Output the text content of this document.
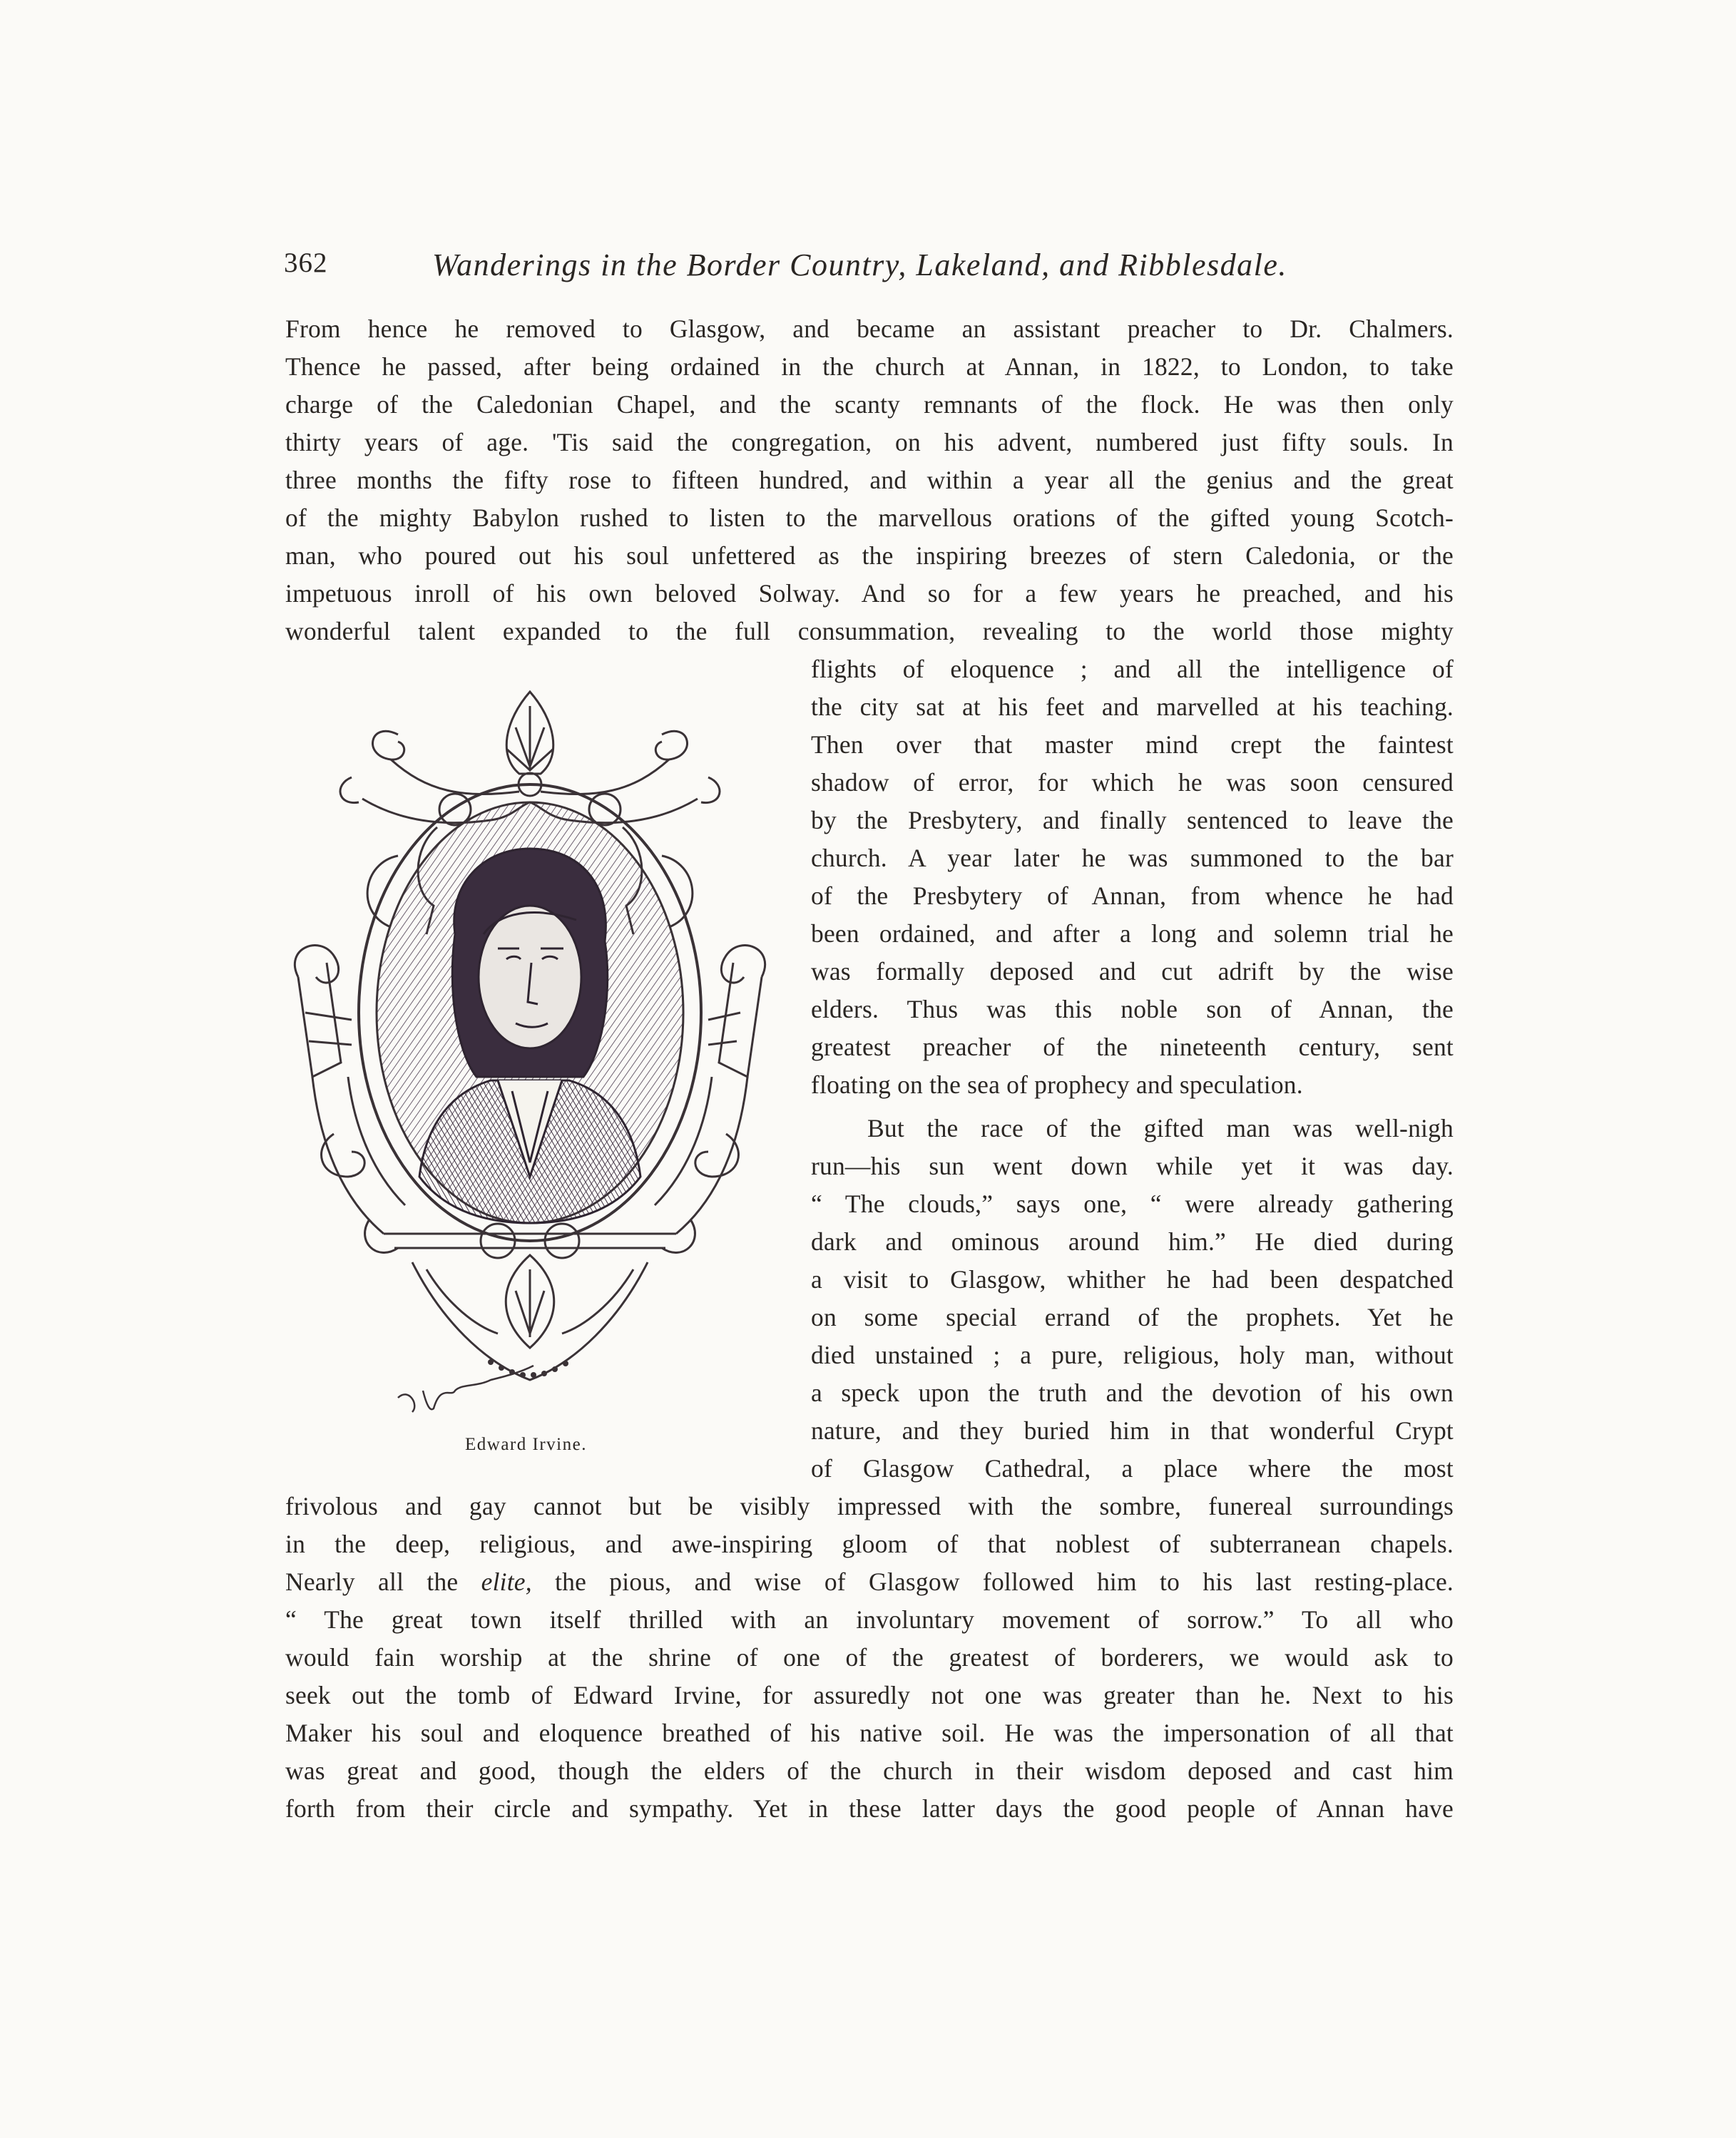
362	Wanderings in the Border Country, Lakeland, and Ribblesdale.
From hence he removed to Glasgow, and became an assistant preacher to Dr. Chalmers.
Thence he passed, after being ordained in the church at Annan, in 1822, to London, to take
charge of the Caledonian Chapel, and the scanty remnants of the flock. He was then only
thirty years of age. 'Tis said the congregation, on his advent, numbered just fifty souls. In
three months the fifty rose to fifteen hundred, and within a year all the genius and the great
of the mighty Babylon rushed to listen to the marvellous orations of the gifted young Scotch-
man, who poured out his soul unfettered as the inspiring breezes of stern Caledonia, or the
impetuous inroll of his own beloved Solway. And so for a few years he preached, and his
wonderful talent expanded to the full consummation, revealing to the world those mighty
flights of eloquence ; and all the intelligence of
the city sat at his feet and marvelled at his teaching.
Then over that master mind crept the faintest
shadow of error, for which he was soon censured
by the Presbytery, and finally sentenced to leave the
church. A year later he was summoned to the bar
of the Presbytery of Annan, from whence he had
been ordained, and after a long and solemn trial he
was formally deposed and cut adrift by the wise
elders. Thus was this noble son of Annan, the
greatest preacher of the nineteenth century, sent
floating on the sea of prophecy and speculation.
But the race of the gifted man was well-nigh
run—his sun went down while yet it was day.
“ The clouds,” says one, “ were already gathering
dark and ominous around him.” He died during
a visit to Glasgow, whither he had been despatched
on some special errand of the prophets. Yet he
died unstained ; a pure, religious, holy man, without
a speck upon the truth and the devotion of his own
nature, and they buried him in that wonderful Crypt
of Glasgow Cathedral, a place where the most
frivolous and gay cannot but be visibly impressed with the sombre, funereal surroundings
in the deep, religious, and awe-inspiring gloom of that noblest of subterranean chapels.
Nearly all the elite, the pious, and wise of Glasgow followed him to his last resting-place.
“ The great town itself thrilled with an involuntary movement of sorrow.” To all who
would fain worship at the shrine of one of the greatest of borderers, we would ask to
seek out the tomb of Edward Irvine, for assuredly not one was greater than he. Next to his
Maker his soul and eloquence breathed of his native soil. He was the impersonation of all that
was great and good, though the elders of the church in their wisdom deposed and cast him
forth from their circle and sympathy. Yet in these latter days the good people of Annan have
Edward Irvine.
